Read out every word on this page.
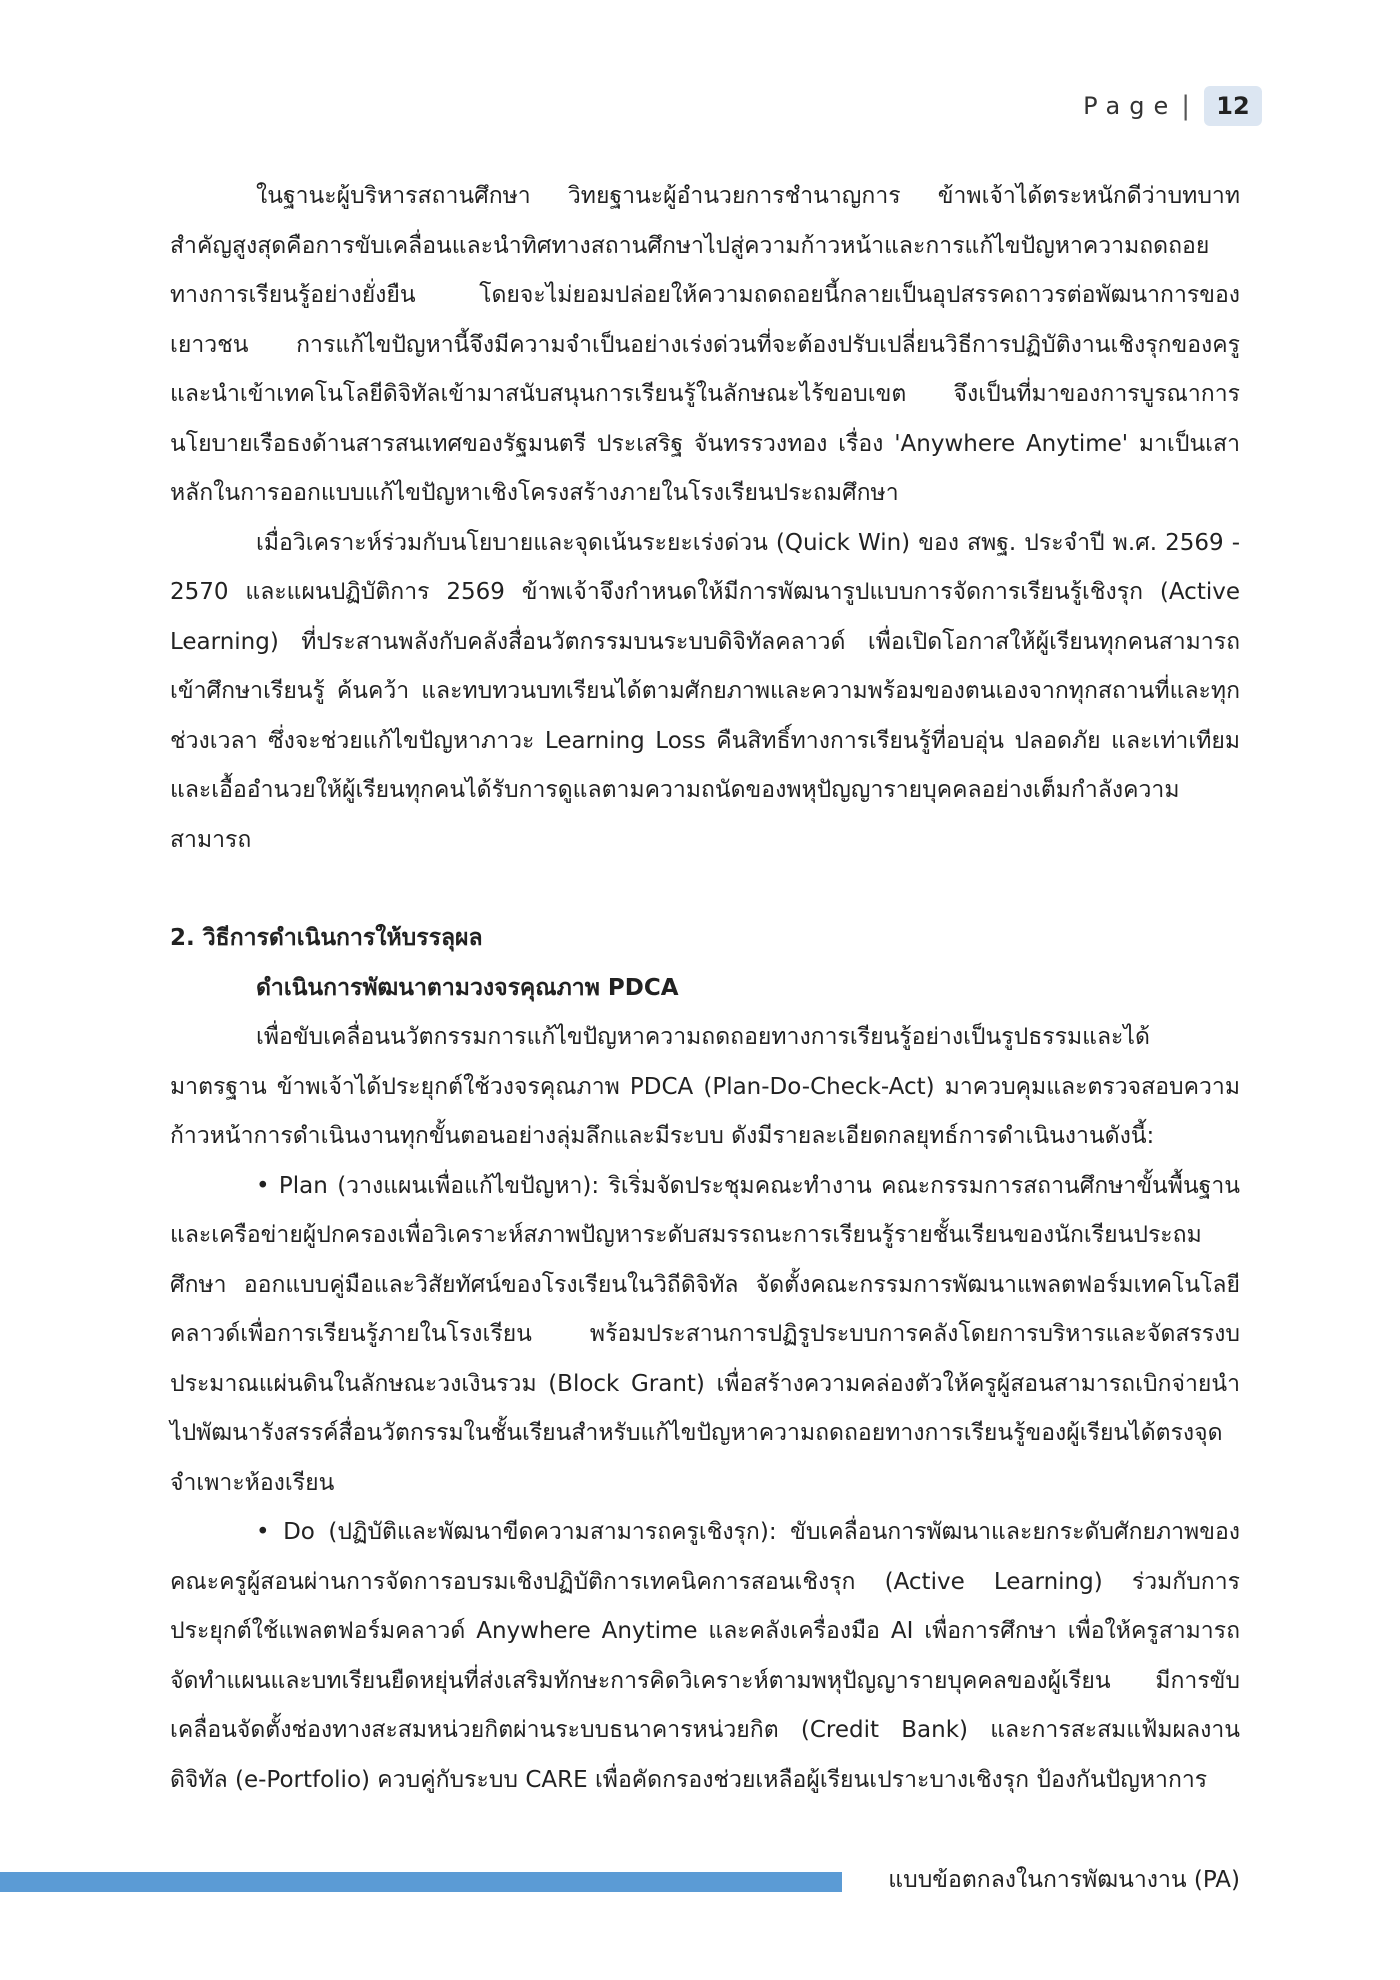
Page |	12

ในฐานะผู้บริหารสถานศึกษา วิทยฐานะผู้อำนวยการชำนาญการ ข้าพเจ้าได้ตระหนักดีว่าบทบาทสำคัญสูงสุดคือการขับเคลื่อนและนำทิศทางสถานศึกษาไปสู่ความก้าวหน้าและการแก้ไขปัญหาความถดถอยทางการเรียนรู้อย่างยั่งยืน โดยจะไม่ยอมปล่อยให้ความถดถอยนี้กลายเป็นอุปสรรคถาวรต่อพัฒนาการของเยาวชน การแก้ไขปัญหานี้จึงมีความจำเป็นอย่างเร่งด่วนที่จะต้องปรับเปลี่ยนวิธีการปฏิบัติงานเชิงรุกของครูและนำเข้าเทคโนโลยีดิจิทัลเข้ามาสนับสนุนการเรียนรู้ในลักษณะไร้ขอบเขต จึงเป็นที่มาของการบูรณาการนโยบายเรือธงด้านสารสนเทศของรัฐมนตรี ประเสริฐ จันทรรวงทอง เรื่อง 'Anywhere Anytime' มาเป็นเสาหลักในการออกแบบแก้ไขปัญหาเชิงโครงสร้างภายในโรงเรียนประถมศึกษา

เมื่อวิเคราะห์ร่วมกับนโยบายและจุดเน้นระยะเร่งด่วน (Quick Win) ของ สพฐ. ประจำปี พ.ศ. 2569 - 2570 และแผนปฏิบัติการ 2569 ข้าพเจ้าจึงกำหนดให้มีการพัฒนารูปแบบการจัดการเรียนรู้เชิงรุก (Active Learning) ที่ประสานพลังกับคลังสื่อนวัตกรรมบนระบบดิจิทัลคลาวด์ เพื่อเปิดโอกาสให้ผู้เรียนทุกคนสามารถเข้าศึกษาเรียนรู้ ค้นคว้า และทบทวนบทเรียนได้ตามศักยภาพและความพร้อมของตนเองจากทุกสถานที่และทุกช่วงเวลา ซึ่งจะช่วยแก้ไขปัญหาภาวะ Learning Loss คืนสิทธิ์ทางการเรียนรู้ที่อบอุ่น ปลอดภัย และเท่าเทียม และเอื้ออำนวยให้ผู้เรียนทุกคนได้รับการดูแลตามความถนัดของพหุปัญญารายบุคคลอย่างเต็มกำลังความสามารถ

2. วิธีการดำเนินการให้บรรลุผล

ดำเนินการพัฒนาตามวงจรคุณภาพ PDCA

เพื่อขับเคลื่อนนวัตกรรมการแก้ไขปัญหาความถดถอยทางการเรียนรู้อย่างเป็นรูปธรรมและได้มาตรฐาน ข้าพเจ้าได้ประยุกต์ใช้วงจรคุณภาพ PDCA (Plan-Do-Check-Act) มาควบคุมและตรวจสอบความก้าวหน้าการดำเนินงานทุกขั้นตอนอย่างลุ่มลึกและมีระบบ ดังมีรายละเอียดกลยุทธ์การดำเนินงานดังนี้:

• Plan (วางแผนเพื่อแก้ไขปัญหา): ริเริ่มจัดประชุมคณะทำงาน คณะกรรมการสถานศึกษาขั้นพื้นฐานและเครือข่ายผู้ปกครองเพื่อวิเคราะห์สภาพปัญหาระดับสมรรถนะการเรียนรู้รายชั้นเรียนของนักเรียนประถมศึกษา ออกแบบคู่มือและวิสัยทัศน์ของโรงเรียนในวิถีดิจิทัล จัดตั้งคณะกรรมการพัฒนาแพลตฟอร์มเทคโนโลยีคลาวด์เพื่อการเรียนรู้ภายในโรงเรียน พร้อมประสานการปฏิรูประบบการคลังโดยการบริหารและจัดสรรงบประมาณแผ่นดินในลักษณะวงเงินรวม (Block Grant) เพื่อสร้างความคล่องตัวให้ครูผู้สอนสามารถเบิกจ่ายนำไปพัฒนารังสรรค์สื่อนวัตกรรมในชั้นเรียนสำหรับแก้ไขปัญหาความถดถอยทางการเรียนรู้ของผู้เรียนได้ตรงจุดจำเพาะห้องเรียน

• Do (ปฏิบัติและพัฒนาขีดความสามารถครูเชิงรุก): ขับเคลื่อนการพัฒนาและยกระดับศักยภาพของคณะครูผู้สอนผ่านการจัดการอบรมเชิงปฏิบัติการเทคนิคการสอนเชิงรุก (Active Learning) ร่วมกับการประยุกต์ใช้แพลตฟอร์มคลาวด์ Anywhere Anytime และคลังเครื่องมือ AI เพื่อการศึกษา เพื่อให้ครูสามารถจัดทำแผนและบทเรียนยืดหยุ่นที่ส่งเสริมทักษะการคิดวิเคราะห์ตามพหุปัญญารายบุคคลของผู้เรียน มีการขับเคลื่อนจัดตั้งช่องทางสะสมหน่วยกิตผ่านระบบธนาคารหน่วยกิต (Credit Bank) และการสะสมแฟ้มผลงานดิจิทัล (e-Portfolio) ควบคู่กับระบบ CARE เพื่อคัดกรองช่วยเหลือผู้เรียนเปราะบางเชิงรุก ป้องกันปัญหาการ

แบบข้อตกลงในการพัฒนางาน (PA)
